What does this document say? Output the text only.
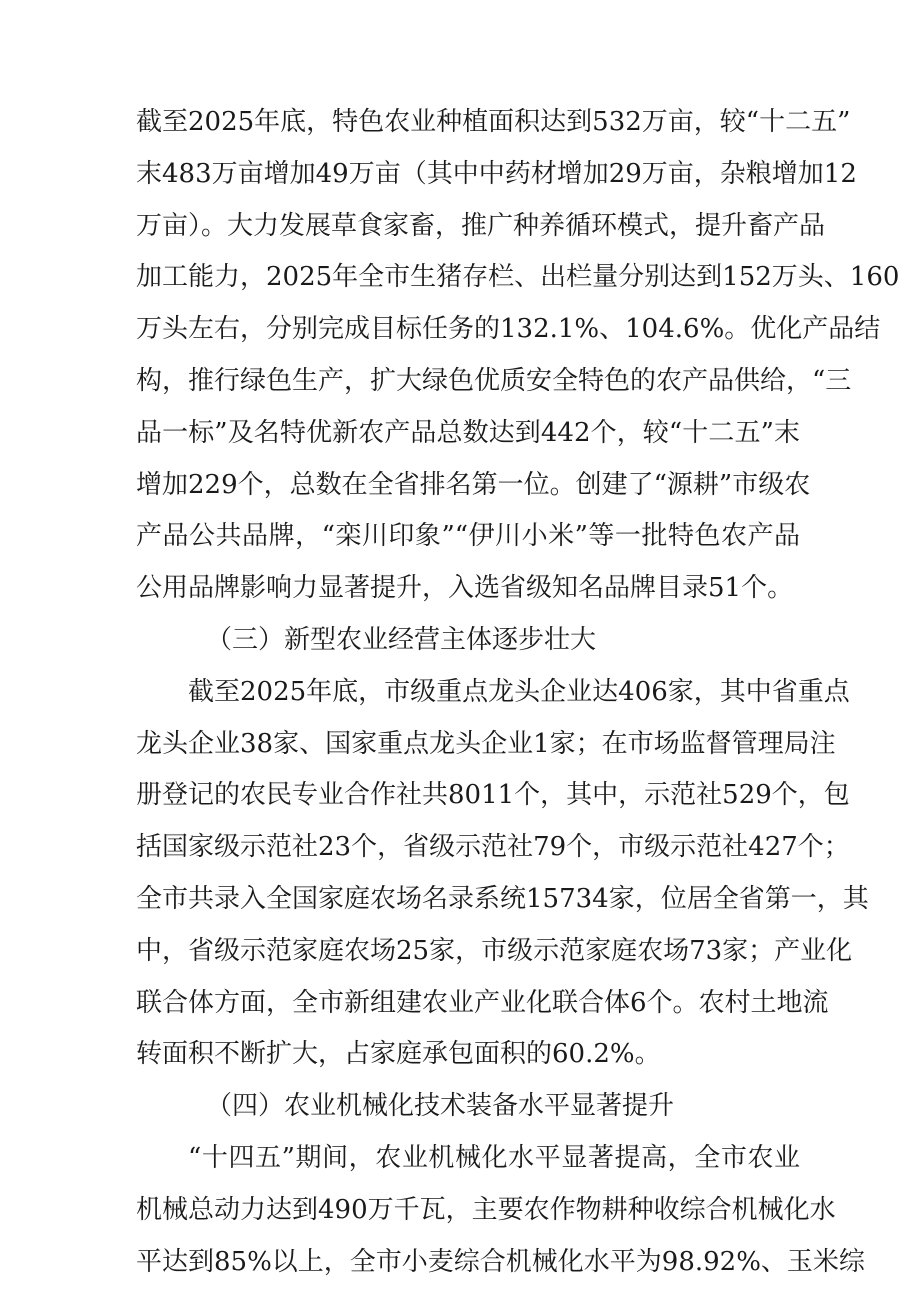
截至2025年底，特色农业种植面积达到532万亩，较“十二五”
末483万亩增加49万亩（其中中药材增加29万亩，杂粮增加12
万亩）。大力发展草食家畜，推广种养循环模式，提升畜产品
加工能力，2025年全市生猪存栏、出栏量分别达到152万头、160
万头左右，分别完成目标任务的132.1%、104.6%。优化产品结
构，推行绿色生产，扩大绿色优质安全特色的农产品供给，“三
品一标”及名特优新农产品总数达到442个，较“十二五”末
增加229个，总数在全省排名第一位。创建了“源耕”市级农
产品公共品牌，“栾川印象”“伊川小米”等一批特色农产品
公用品牌影响力显著提升，入选省级知名品牌目录51个。
（三）新型农业经营主体逐步壮大
截至2025年底，市级重点龙头企业达406家，其中省重点
龙头企业38家、国家重点龙头企业1家；在市场监督管理局注
册登记的农民专业合作社共8011个，其中，示范社529个，包
括国家级示范社23个，省级示范社79个，市级示范社427个；
全市共录入全国家庭农场名录系统15734家，位居全省第一，其
中，省级示范家庭农场25家，市级示范家庭农场73家；产业化
联合体方面，全市新组建农业产业化联合体6个。农村土地流
转面积不断扩大，占家庭承包面积的60.2%。
（四）农业机械化技术装备水平显著提升
“十四五”期间，农业机械化水平显著提高，全市农业
机械总动力达到490万千瓦，主要农作物耕种收综合机械化水
平达到85%以上，全市小麦综合机械化水平为98.92%、玉米综
